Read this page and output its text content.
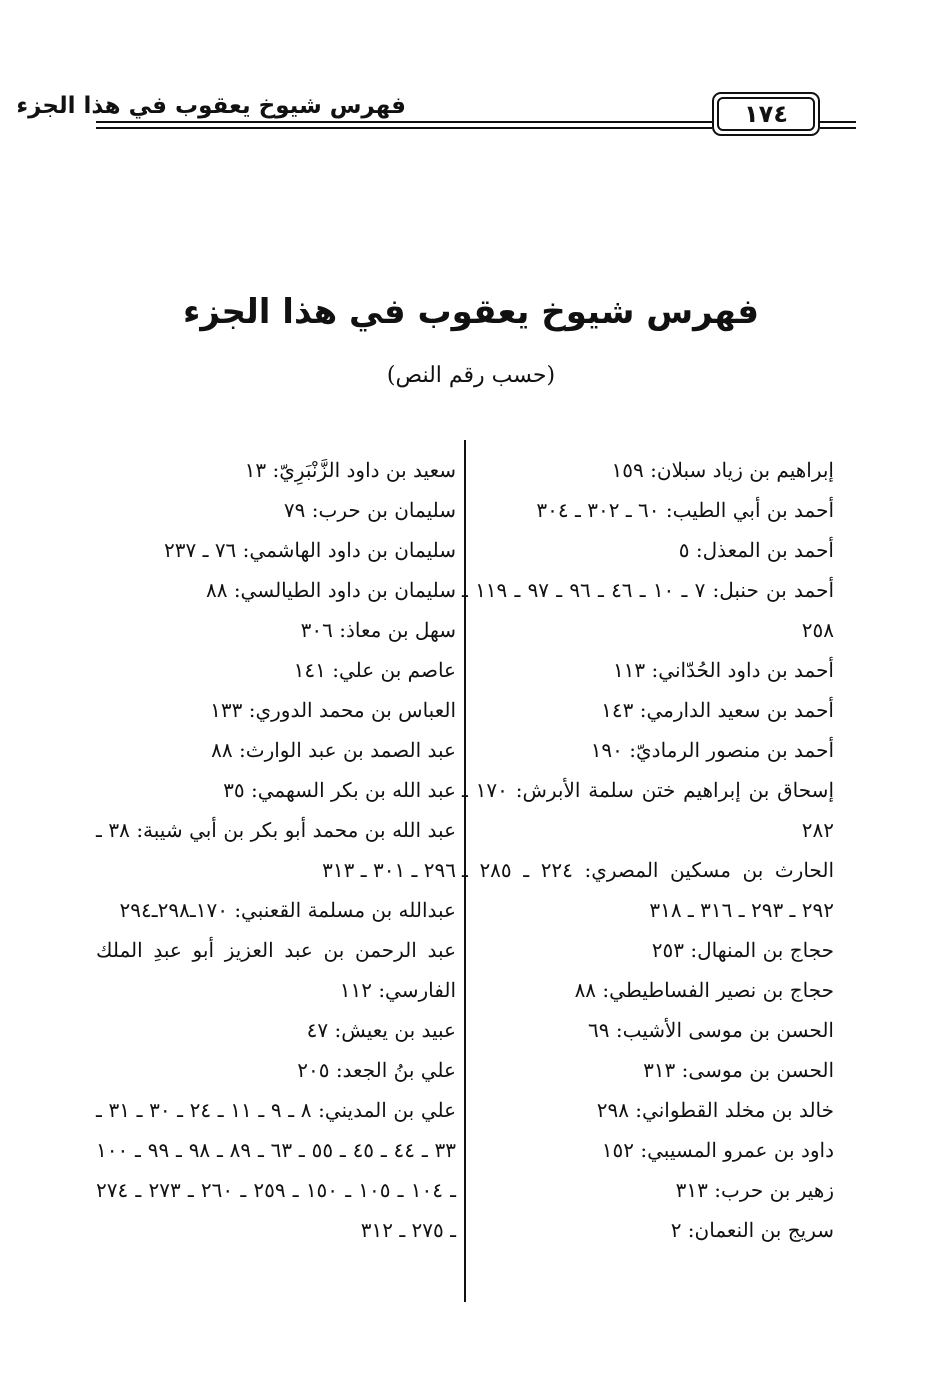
فهرس شيوخ يعقوب في هذا الجزء	١٧٤
فهرس شيوخ يعقوب في هذا الجزء
(حسب رقم النص)
إبراهيم بن زياد سبلان: ١٥٩
أحمد بن أبي الطيب: ٦٠ ـ ٣٠٢ ـ ٣٠٤
أحمد بن المعذل: ٥
أحمد بن حنبل: ٧ ـ ١٠ ـ ٤٦ ـ ٩٦ ـ ٩٧ ـ ١١٩ ـ ٢٥٨
أحمد بن داود الحُدّاني: ١١٣
أحمد بن سعيد الدارمي: ١٤٣
أحمد بن منصور الرماديّ: ١٩٠
إسحاق بن إبراهيم ختن سلمة الأبرش: ١٧٠ ـ ٢٨٢
الحارث بن مسكين المصري: ٢٢٤ ـ ٢٨٥ ـ ٢٩٢ ـ ٢٩٣ ـ ٣١٦ ـ ٣١٨
حجاج بن المنهال: ٢٥٣
حجاج بن نصير الفساطيطي: ٨٨
الحسن بن موسى الأشيب: ٦٩
الحسن بن موسى: ٣١٣
خالد بن مخلد القطواني: ٢٩٨
داود بن عمرو المسيبي: ١٥٢
زهير بن حرب: ٣١٣
سريج بن النعمان: ٢
سعيد بن داود الزَّنْبَرِيّ: ١٣
سليمان بن حرب: ٧٩
سليمان بن داود الهاشمي: ٧٦ ـ ٢٣٧
سليمان بن داود الطيالسي: ٨٨
سهل بن معاذ: ٣٠٦
عاصم بن علي: ١٤١
العباس بن محمد الدوري: ١٣٣
عبد الصمد بن عبد الوارث: ٨٨
عبد الله بن بكر السهمي: ٣٥
عبد الله بن محمد أبو بكر بن أبي شيبة: ٣٨ ـ ٢٩٦ ـ ٣٠١ ـ ٣١٣
عبدالله بن مسلمة القعنبي: ١٧٠ـ٢٩٨ـ٢٩٤
عبد الرحمن بن عبد العزيز أبو عبدِ الملك الفارسي: ١١٢
عبيد بن يعيش: ٤٧
علي بنُ الجعد: ٢٠٥
علي بن المديني: ٨ ـ ٩ ـ ١١ ـ ٢٤ ـ ٣٠ ـ ٣١ ـ ٣٣ ـ ٤٤ ـ ٤٥ ـ ٥٥ ـ ٦٣ ـ ٨٩ ـ ٩٨ ـ ٩٩ ـ ١٠٠ ـ ١٠٤ ـ ١٠٥ ـ ١٥٠ ـ ٢٥٩ ـ ٢٦٠ ـ ٢٧٣ ـ ٢٧٤ ـ ٢٧٥ ـ ٣١٢
